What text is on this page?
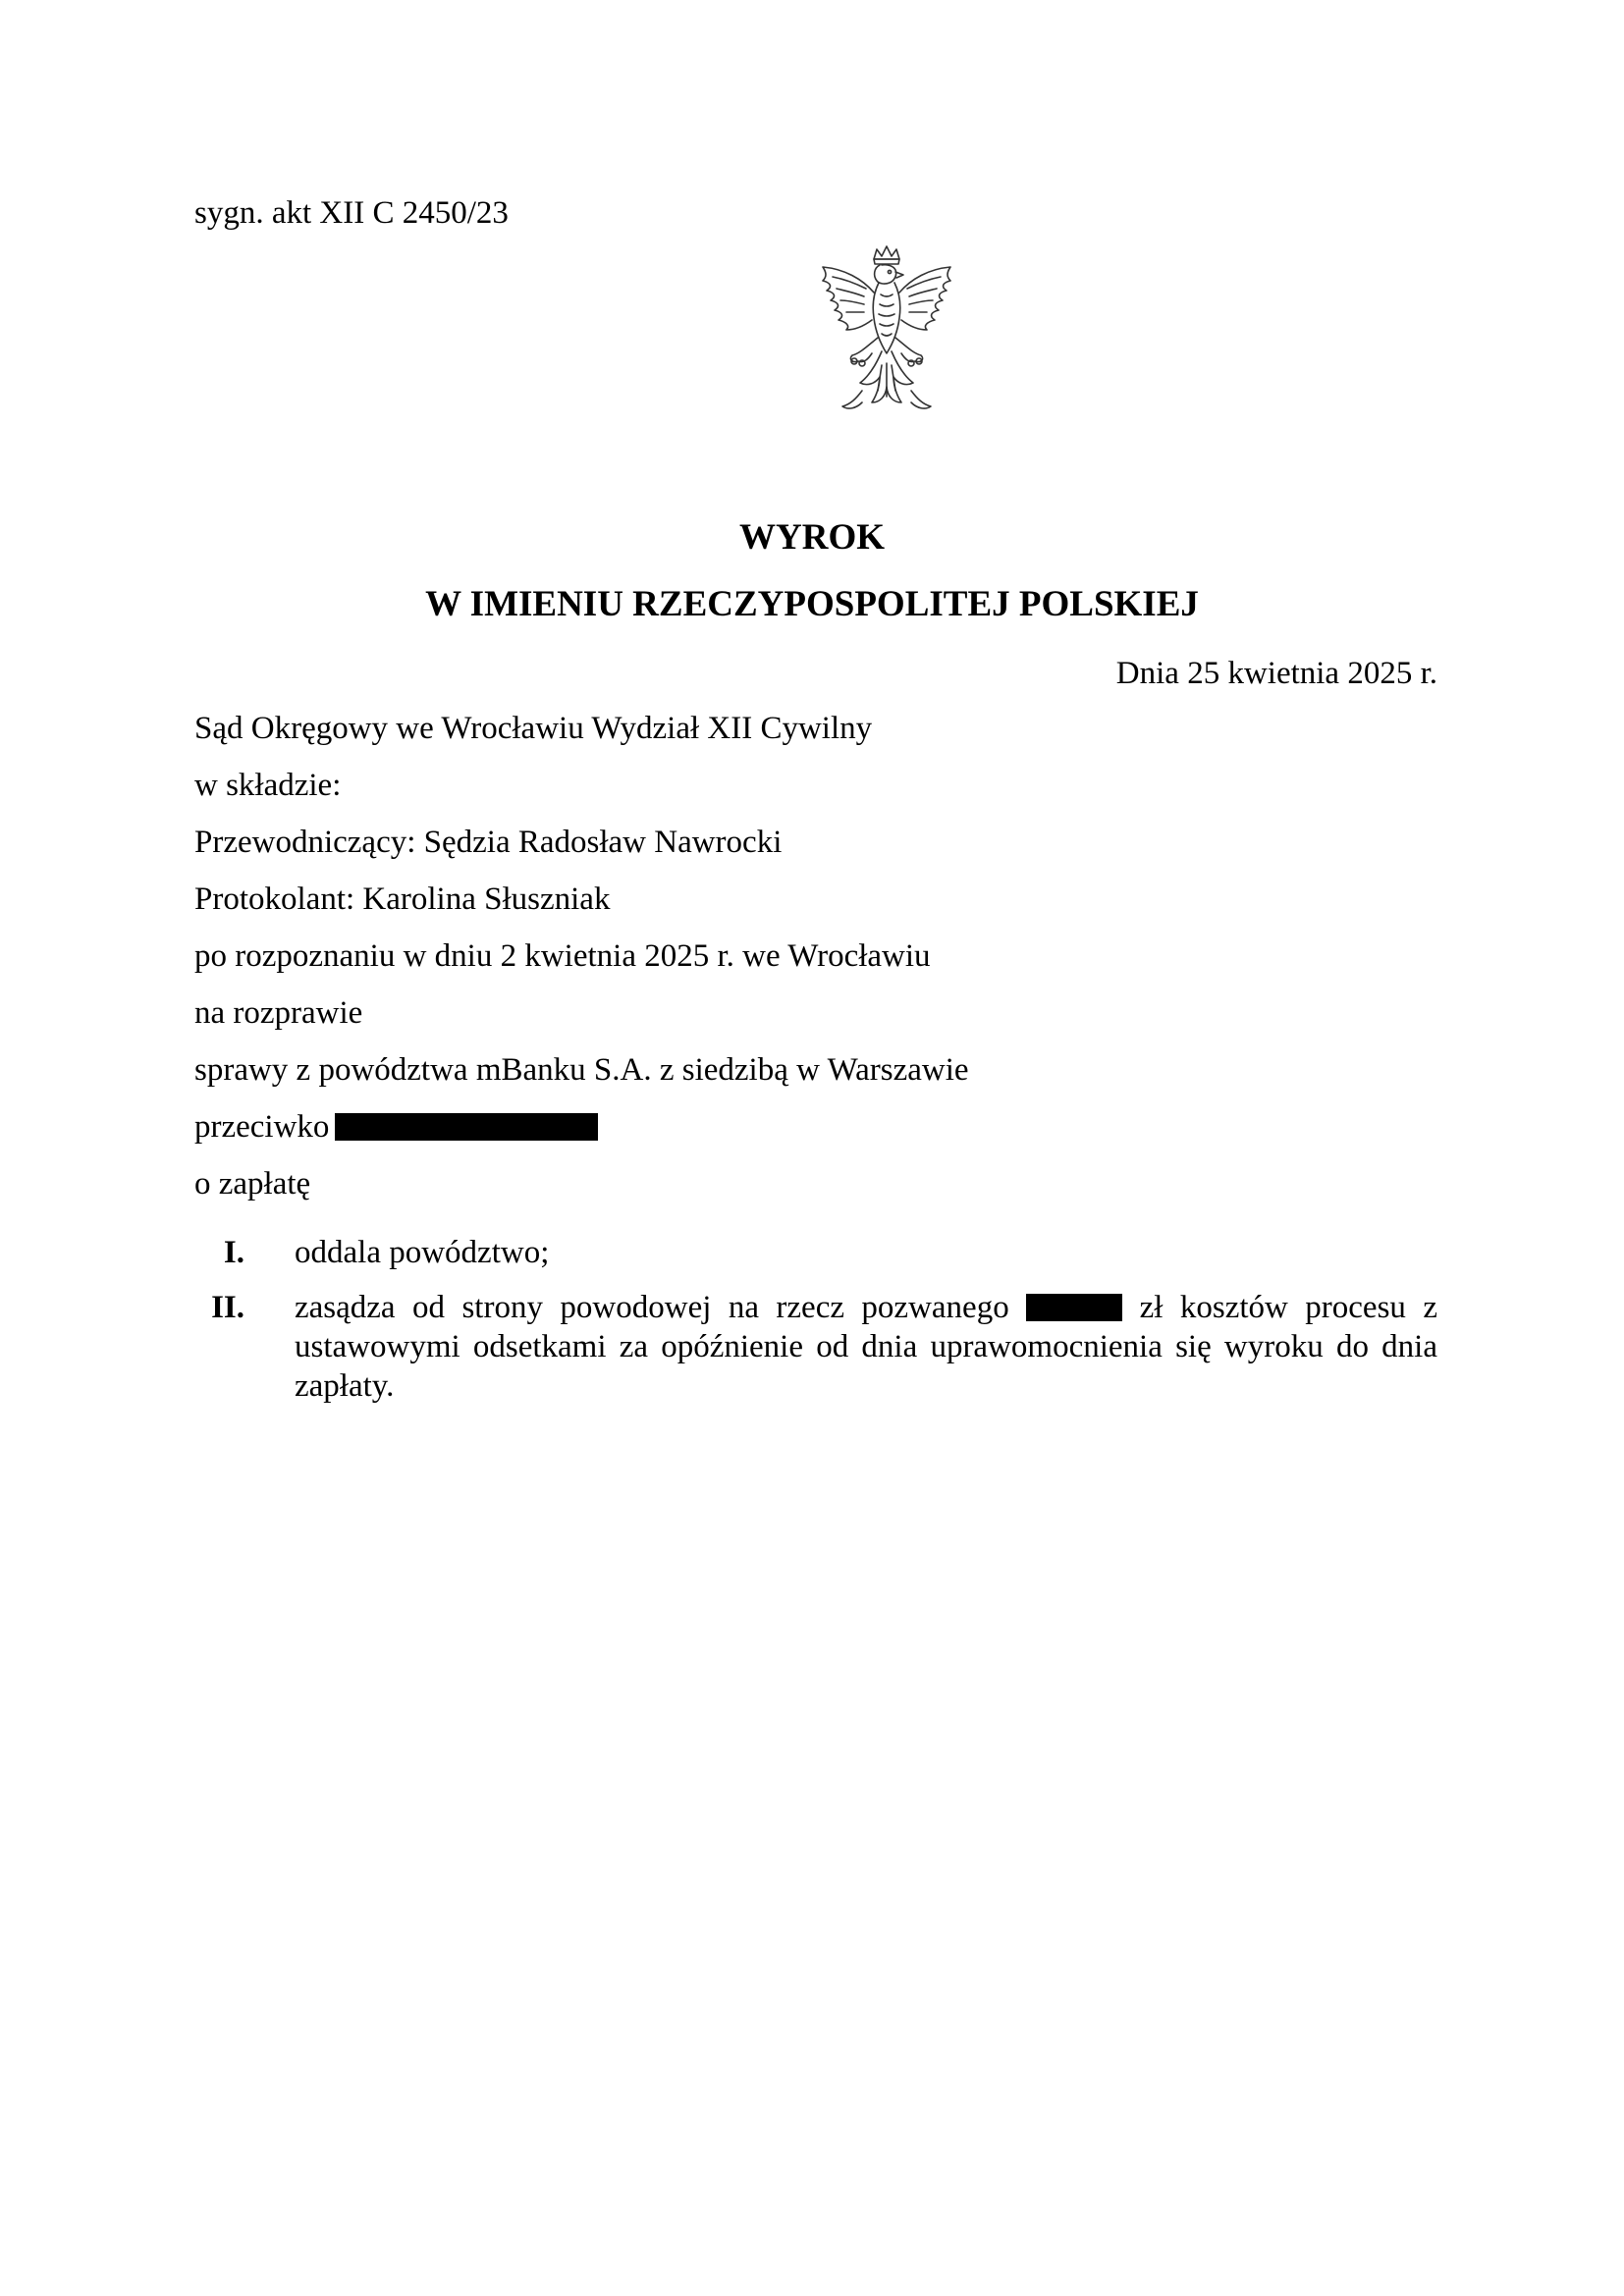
sygn. akt XII C 2450/23
WYROK
W IMIENIU RZECZYPOSPOLITEJ POLSKIEJ
Dnia 25 kwietnia 2025 r.
Sąd Okręgowy we Wrocławiu Wydział XII Cywilny
w składzie:
Przewodniczący: Sędzia Radosław Nawrocki
Protokolant: Karolina Słuszniak
po rozpoznaniu w dniu 2 kwietnia 2025 r. we Wrocławiu
na rozprawie
sprawy z powództwa mBanku S.A. z siedzibą w Warszawie
przeciwko
o zapłatę
I. oddala powództwo;
II. zasądza od strony powodowej na rzecz pozwanego	zł kosztów procesu z
ustawowymi odsetkami za opóźnienie od dnia uprawomocnienia się wyroku do dnia
zapłaty.
